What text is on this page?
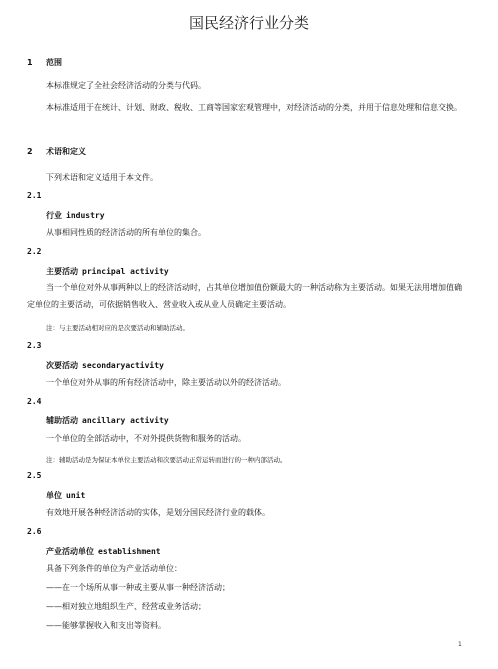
国民经济行业分类
1 范围
本标准规定了全社会经济活动的分类与代码。
本标准适用于在统计、计划、财政、税收、工商等国家宏观管理中，对经济活动的分类，并用于信息处理和信息交换。
2 术语和定义
下列术语和定义适用于本文件。
2.1
行业 industry
从事相同性质的经济活动的所有单位的集合。
2.2
主要活动 principal activity
当一个单位对外从事两种以上的经济活动时，占其单位增加值份额最大的一种活动称为主要活动。如果无法用增加值确定单位的主要活动，可依据销售收入、营业收入或从业人员确定主要活动。
注：与主要活动相对应的是次要活动和辅助活动。
2.3
次要活动 secondaryactivity
一个单位对外从事的所有经济活动中，除主要活动以外的经济活动。
2.4
辅助活动 ancillary activity
一个单位的全部活动中，不对外提供货物和服务的活动。
注：辅助活动是为保证本单位主要活动和次要活动正常运转而进行的一种内部活动。
2.5
单位 unit
有效地开展各种经济活动的实体，是划分国民经济行业的载体。
2.6
产业活动单位 establishment
具备下列条件的单位为产业活动单位：
——在一个场所从事一种或主要从事一种经济活动；
——相对独立地组织生产、经营或业务活动；
——能够掌握收入和支出等资料。
1
